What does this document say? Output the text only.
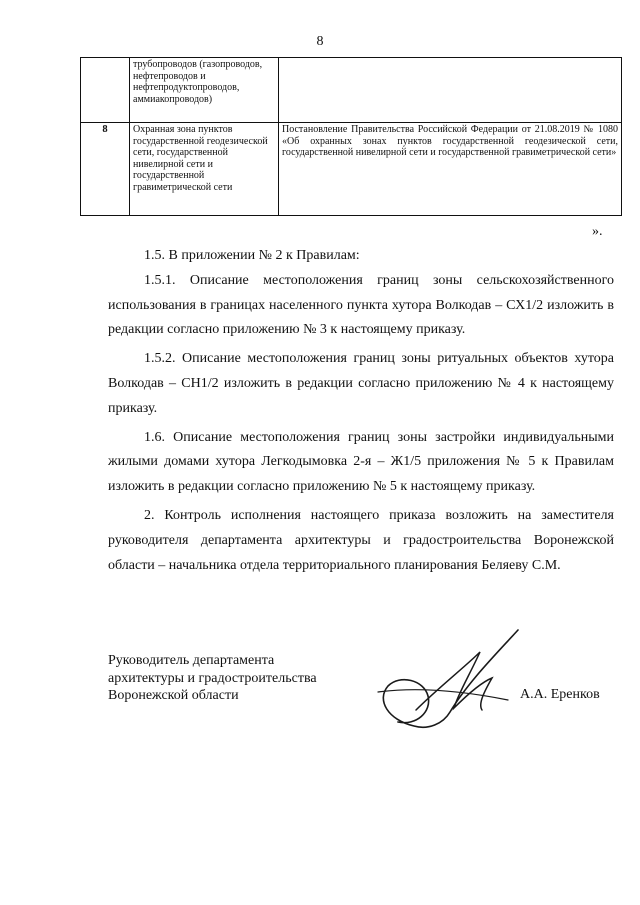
8
	трубопроводов (газопроводов, нефтепроводов и нефтепродуктопроводов, аммиакопроводов)	
8	Охранная зона пунктов государственной геодезической сети, государственной нивелирной сети и государственной гравиметрической сети	Постановление Правительства Российской Федерации от 21.08.2019 № 1080 «Об охранных зонах пунктов государственной геодезической сети, государственной нивелирной сети и государственной гравиметрической сети»
».

1.5. В приложении № 2 к Правилам:

1.5.1. Описание местоположения границ зоны сельскохозяйственного использования в границах населенного пункта хутора Волкодав – СХ1/2 изложить в редакции согласно приложению № 3 к настоящему приказу.

1.5.2. Описание местоположения границ зоны ритуальных объектов хутора Волкодав – СН1/2 изложить в редакции согласно приложению № 4 к настоящему приказу.

1.6. Описание местоположения границ зоны застройки индивидуальными жилыми домами хутора Легкодымовка 2-я – Ж1/5 приложения № 5 к Правилам изложить в редакции согласно приложению № 5 к настоящему приказу.

2. Контроль исполнения настоящего приказа возложить на заместителя руководителя департамента архитектуры и градостроительства Воронежской области – начальника отдела территориального планирования Беляеву С.М.

Руководитель департамента
архитектуры и градостроительства
Воронежской области	А.А. Еренков
